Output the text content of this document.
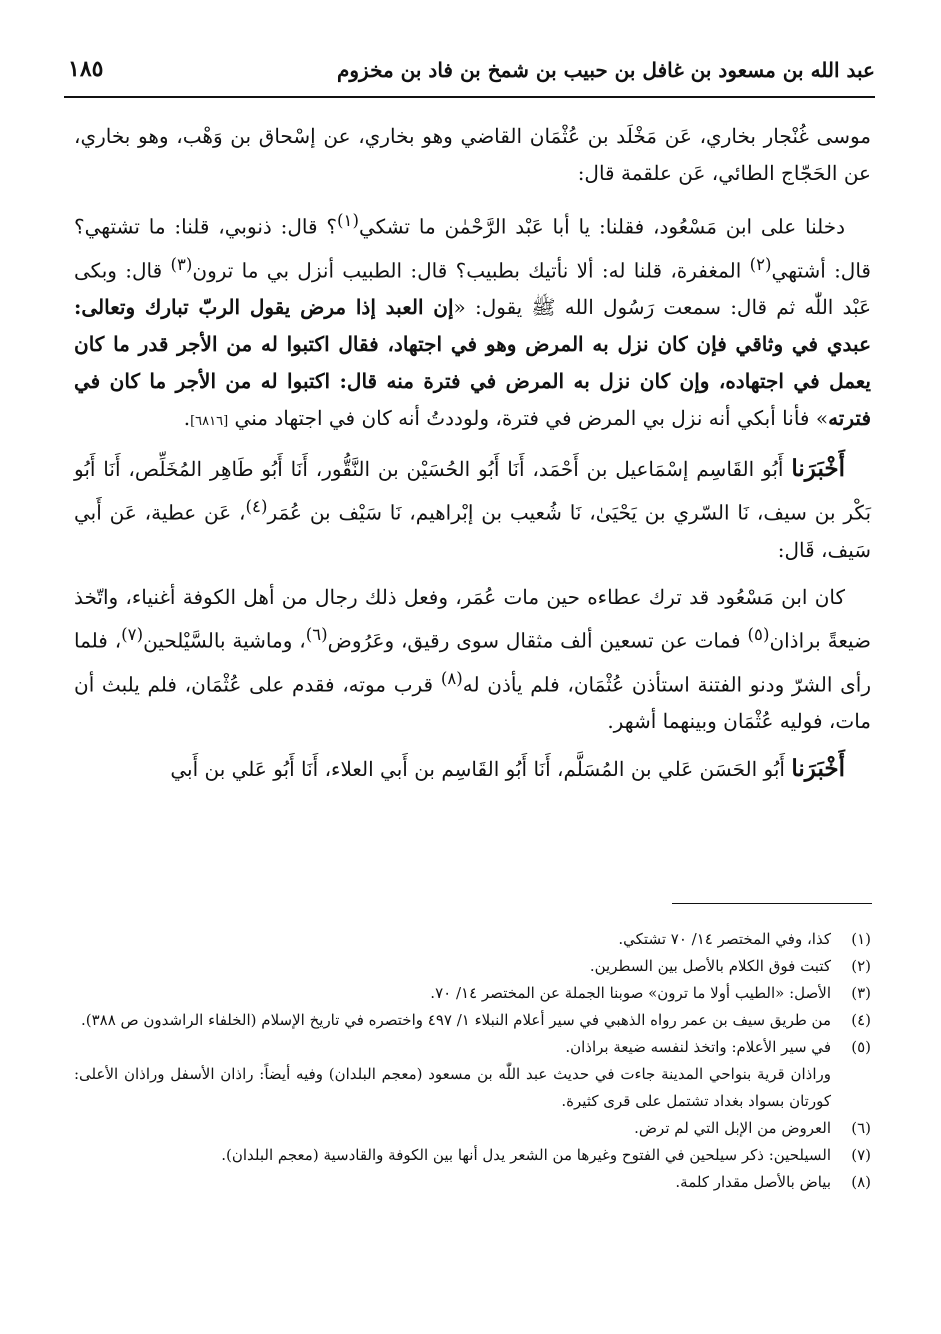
عبد الله بن مسعود بن غافل بن حبيب بن شمخ بن فاد بن مخزوم
١٨٥

موسى غُنْجار بخاري، عَن مَخْلَد بن عُثْمَان القاضي وهو بخاري، عن إسْحاق بن وَهْب، وهو بخاري، عن الحَجّاج الطائي، عَن علقمة قال:

دخلنا على ابن مَسْعُود، فقلنا: يا أبا عَبْد الرَّحْمٰن ما تشكي$^{(١)}$؟ قال: ذنوبي، قلنا: ما تشتهي؟ قال: أشتهي$^{(٢)}$ المغفرة، قلنا له: ألا نأتيك بطبيب؟ قال: الطبيب أنزل بي ما ترون$^{(٣)}$ قال: وبكى عَبْد اللّٰه ثم قال: سمعت رَسُول الله ﷺ يقول: «إن العبد إذا مرض يقول الربّ تبارك وتعالى: عبدي في وثاقي فإن كان نزل به المرض وهو في اجتهاد، فقال اكتبوا له من الأجر قدر ما كان يعمل في اجتهاده، وإن كان نزل به المرض في فترة منه قال: اكتبوا له من الأجر ما كان في فترته» فأنا أبكي أنه نزل بي المرض في فترة، ولوددتُ أنه كان في اجتهاد مني [٦٨١٦].

أَخْبَرَنا أَبُو القَاسِم إسْمَاعيل بن أَحْمَد، أَنَا أَبُو الحُسَيْن بن النَّقُّور، أَنَا أَبُو طَاهِر المُخَلِّص، أَنَا أَبُو بَكْر بن سيف، نَا السّري بن يَحْيَىٰ، نَا شُعيب بن إبْراهيم، نَا سَيْف بن عُمَر$^{(٤)}$، عَن عطية، عَن أَبي سَيف، قَال:

كان ابن مَسْعُود قد ترك عطاءه حين مات عُمَر، وفعل ذلك رجال من أهل الكوفة أغنياء، واتّخذ ضيعةً براذان$^{(٥)}$ فمات عن تسعين ألف مثقال سوى رقيق، وعَرُوض$^{(٦)}$، وماشية بالسَّيْلحين$^{(٧)}$، فلما رأى الشرّ ودنو الفتنة استأذن عُثْمَان، فلم يأذن له$^{(٨)}$ قرب موته، فقدم على عُثْمَان، فلم يلبث أن مات، فوليه عُثْمَان وبينهما أشهر.

أَخْبَرَنا أَبُو الحَسَن عَلي بن المُسَلَّم، أَنَا أَبُو القَاسِم بن أَبي العلاء، أَنَا أَبُو عَلي بن أَبي

(١)
كذا، وفي المختصر ١٤/ ٧٠ تشتكي.
(٢)
كتبت فوق الكلام بالأصل بين السطرين.
(٣)
الأصل: «الطيب أولا ما ترون» صوبنا الجملة عن المختصر ١٤/ ٧٠.
(٤)
من طريق سيف بن عمر رواه الذهبي في سير أعلام النبلاء ١/ ٤٩٧ واختصره في تاريخ الإسلام (الخلفاء الراشدون ص ٣٨٨).
(٥)
في سير الأعلام: واتخذ لنفسه ضيعة براذان.
وراذان قرية بنواحي المدينة جاءت في حديث عبد اللّٰه بن مسعود (معجم البلدان) وفيه أيضاً: راذان الأسفل وراذان الأعلى: كورتان بسواد بغداد تشتمل على قرى كثيرة.
(٦)
العروض من الإبل التي لم ترض.
(٧)
السيلحين: ذكر سيلحين في الفتوح وغيرها من الشعر يدل أنها بين الكوفة والقادسية (معجم البلدان).
(٨)
بياض بالأصل مقدار كلمة.
